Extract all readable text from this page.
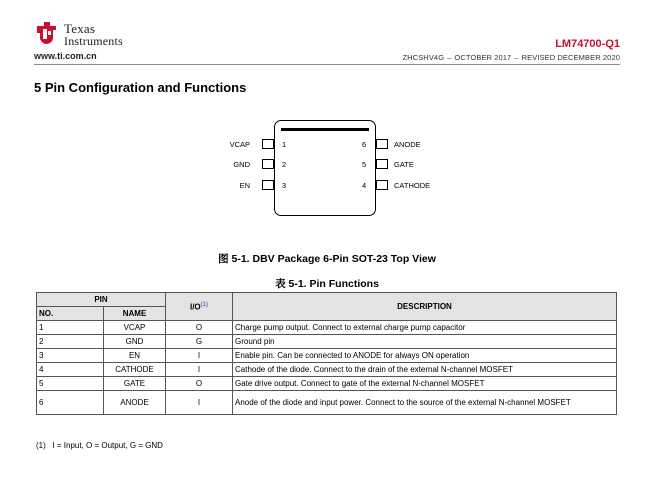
Texas
Instruments
www.ti.com.cn
LM74700-Q1
ZHCSHV4G – OCTOBER 2017 – REVISED DECEMBER 2020
5 Pin Configuration and Functions
VCAP	1
GND	2
EN	3
6	ANODE
5	GATE
4	CATHODE
图 5-1. DBV Package 6-Pin SOT-23 Top View
表 5-1. Pin Functions
PIN		I/O$^{(1)}$	DESCRIPTION
NO.	NAME		
1	VCAP	O	Charge pump output. Connect to external charge pump capacitor
2	GND	G	Ground pin
3	EN	I	Enable pin. Can be connected to ANODE for always ON operation
4	CATHODE	I	Cathode of the diode. Connect to the drain of the external N-channel MOSFET
5	GATE	O	Gate drive output. Connect to gate of the external N-channel MOSFET
6	ANODE	I	Anode of the diode and input power. Connect to the source of the external N-channel MOSFET
(1) I = Input, O = Output, G = GND
